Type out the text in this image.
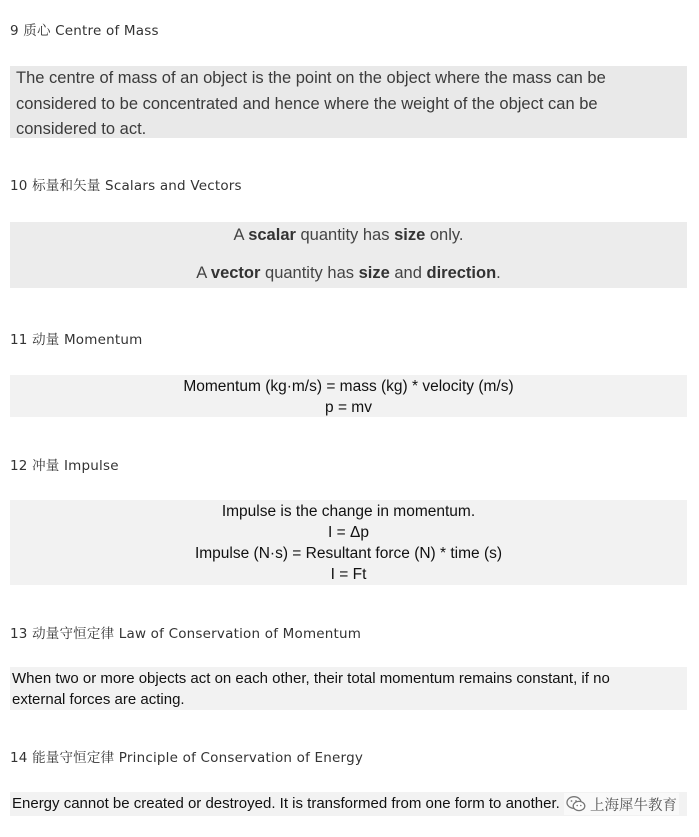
9 质心 Centre of Mass
The centre of mass of an object is the point on the object where the mass can be
considered to be concentrated and hence where the weight of the object can be
considered to act.
10 标量和矢量 Scalars and Vectors
A scalar quantity has size only.
A vector quantity has size and direction.
11 动量 Momentum
Momentum (kg·m/s) = mass (kg) * velocity (m/s)
p = mv
12 冲量 Impulse
Impulse is the change in momentum.
I = Δp
Impulse (N·s) = Resultant force (N) * time (s)
I = Ft
13 动量守恒定律 Law of Conservation of Momentum
When two or more objects act on each other, their total momentum remains constant, if no
external forces are acting.
14 能量守恒定律 Principle of Conservation of Energy
Energy cannot be created or destroyed. It is transformed from one form to another.	上海犀牛教育
